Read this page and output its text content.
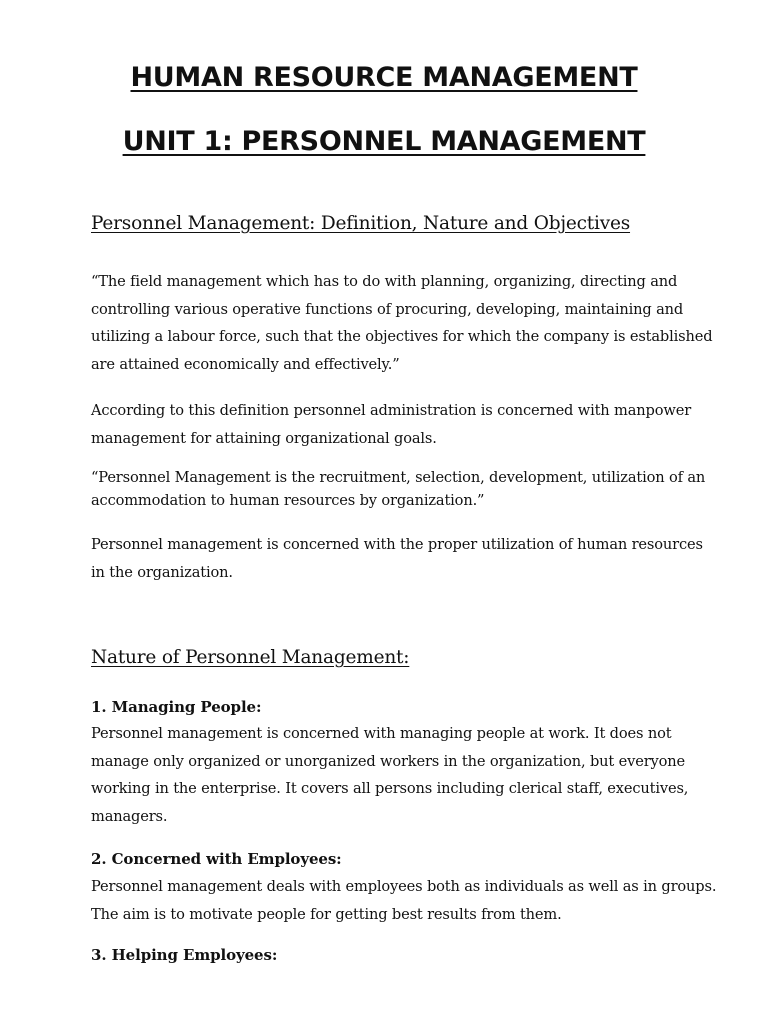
HUMAN RESOURCE MANAGEMENT
UNIT 1: PERSONNEL MANAGEMENT
Personnel Management: Definition, Nature and Objectives

“The field management which has to do with planning, organizing, directing and
controlling various operative functions of procuring, developing, maintaining and
utilizing a labour force, such that the objectives for which the company is established
are attained economically and effectively.”

According to this definition personnel administration is concerned with manpower
management for attaining organizational goals.

“Personnel Management is the recruitment, selection, development, utilization of an
accommodation to human resources by organization.”

Personnel management is concerned with the proper utilization of human resources
in the organization.

Nature of Personnel Management:
1. Managing People:

Personnel management is concerned with managing people at work. It does not
manage only organized or unorganized workers in the organization, but everyone
working in the enterprise. It covers all persons including clerical staff, executives,
managers.

2. Concerned with Employees:

Personnel management deals with employees both as individuals as well as in groups.
The aim is to motivate people for getting best results from them.

3. Helping Employees:
